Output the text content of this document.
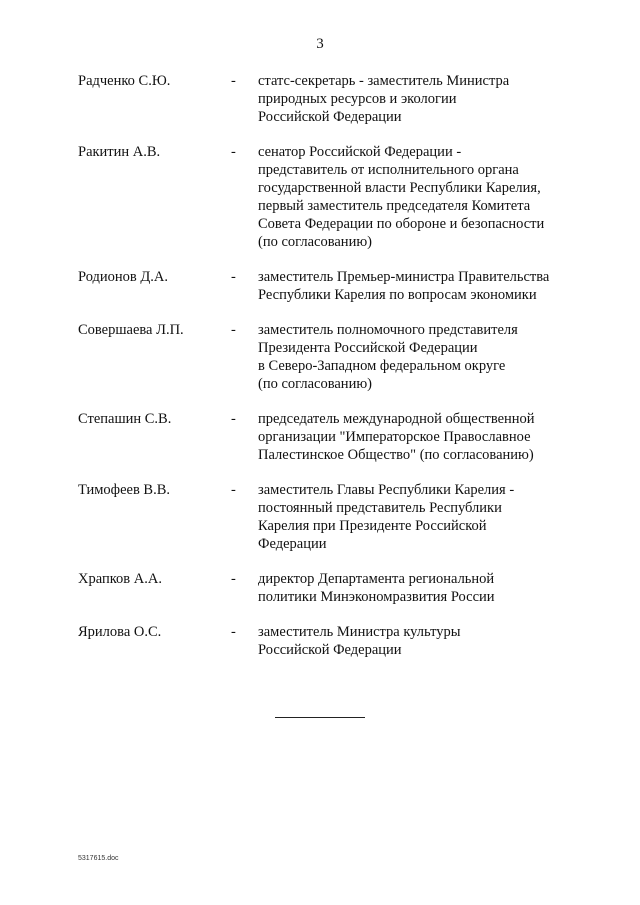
3
Радченко С.Ю.	-	статс-секретарь - заместитель Министра
природных ресурсов и экологии
Российской Федерации
Ракитин А.В.	-	сенатор Российской Федерации -
представитель от исполнительного органа
государственной власти Республики Карелия,
первый заместитель председателя Комитета
Совета Федерации по обороне и безопасности
(по согласованию)
Родионов Д.А.	-	заместитель Премьер-министра Правительства
Республики Карелия по вопросам экономики
Совершаева Л.П.	-	заместитель полномочного представителя
Президента Российской Федерации
в Северо-Западном федеральном округе
(по согласованию)
Степашин С.В.	-	председатель международной общественной
организации "Императорское Православное
Палестинское Общество" (по согласованию)
Тимофеев В.В.	-	заместитель Главы Республики Карелия -
постоянный представитель Республики
Карелия при Президенте Российской
Федерации
Храпков А.А.	-	директор Департамента региональной
политики Минэкономразвития России
Ярилова О.С.	-	заместитель Министра культуры
Российской Федерации
5317615.doc
